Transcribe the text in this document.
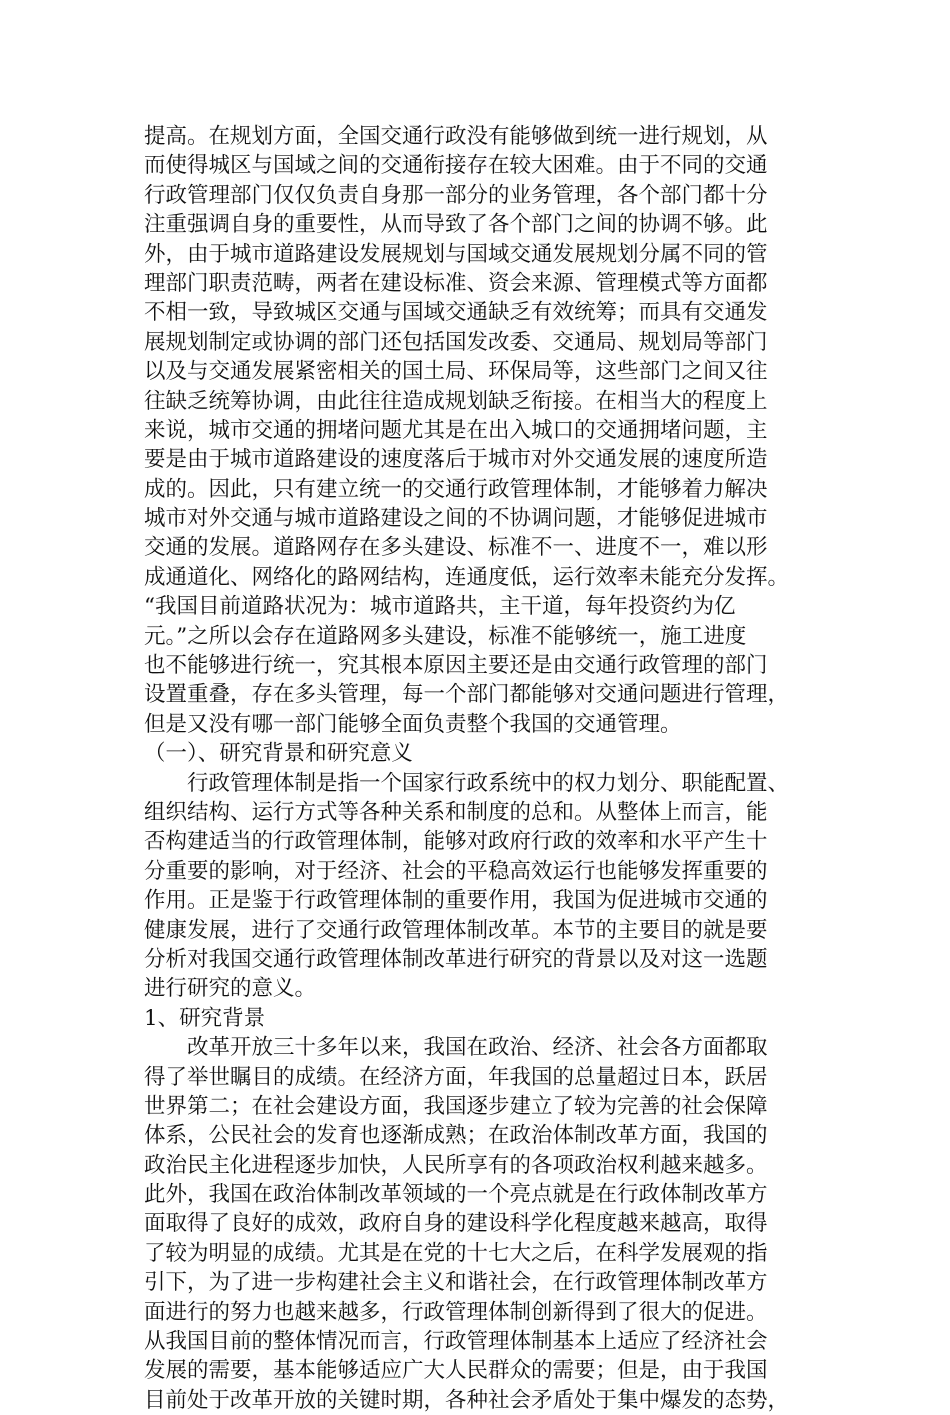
提高。在规划方面，全国交通行政没有能够做到统一进行规划，从
而使得城区与国域之间的交通衔接存在较大困难。由于不同的交通
行政管理部门仅仅负责自身那一部分的业务管理，各个部门都十分
注重强调自身的重要性，从而导致了各个部门之间的协调不够。此
外，由于城市道路建设发展规划与国域交通发展规划分属不同的管
理部门职责范畴，两者在建设标准、资会来源、管理模式等方面都
不相一致，导致城区交通与国域交通缺乏有效统筹；而具有交通发
展规划制定或协调的部门还包括国发改委、交通局、规划局等部门
以及与交通发展紧密相关的国土局、环保局等，这些部门之间又往
往缺乏统筹协调，由此往往造成规划缺乏衔接。在相当大的程度上
来说，城市交通的拥堵问题尤其是在出入城口的交通拥堵问题，主
要是由于城市道路建设的速度落后于城市对外交通发展的速度所造
成的。因此，只有建立统一的交通行政管理体制，才能够着力解决
城市对外交通与城市道路建设之间的不协调问题，才能够促进城市
交通的发展。道路网存在多头建设、标准不一、进度不一，难以形
成通道化、网络化的路网结构，连通度低，运行效率未能充分发挥。
“我国目前道路状况为：城市道路共，主干道，每年投资约为亿
元。”之所以会存在道路网多头建设，标准不能够统一，施工进度
也不能够进行统一，究其根本原因主要还是由交通行政管理的部门
设置重叠，存在多头管理，每一个部门都能够对交通问题进行管理，
但是又没有哪一部门能够全面负责整个我国的交通管理。
（一）、研究背景和研究意义
行政管理体制是指一个国家行政系统中的权力划分、职能配置、
组织结构、运行方式等各种关系和制度的总和。从整体上而言，能
否构建适当的行政管理体制，能够对政府行政的效率和水平产生十
分重要的影响，对于经济、社会的平稳高效运行也能够发挥重要的
作用。正是鉴于行政管理体制的重要作用，我国为促进城市交通的
健康发展，进行了交通行政管理体制改革。本节的主要目的就是要
分析对我国交通行政管理体制改革进行研究的背景以及对这一选题
进行研究的意义。
1、研究背景
改革开放三十多年以来，我国在政治、经济、社会各方面都取
得了举世瞩目的成绩。在经济方面，年我国的总量超过日本，跃居
世界第二；在社会建设方面，我国逐步建立了较为完善的社会保障
体系，公民社会的发育也逐渐成熟；在政治体制改革方面，我国的
政治民主化进程逐步加快，人民所享有的各项政治权利越来越多。
此外，我国在政治体制改革领域的一个亮点就是在行政体制改革方
面取得了良好的成效，政府自身的建设科学化程度越来越高，取得
了较为明显的成绩。尤其是在党的十七大之后，在科学发展观的指
引下，为了进一步构建社会主义和谐社会，在行政管理体制改革方
面进行的努力也越来越多，行政管理体制创新得到了很大的促进。
从我国目前的整体情况而言，行政管理体制基本上适应了经济社会
发展的需要，基本能够适应广大人民群众的需要；但是，由于我国
目前处于改革开放的关键时期，各种社会矛盾处于集中爆发的态势，
